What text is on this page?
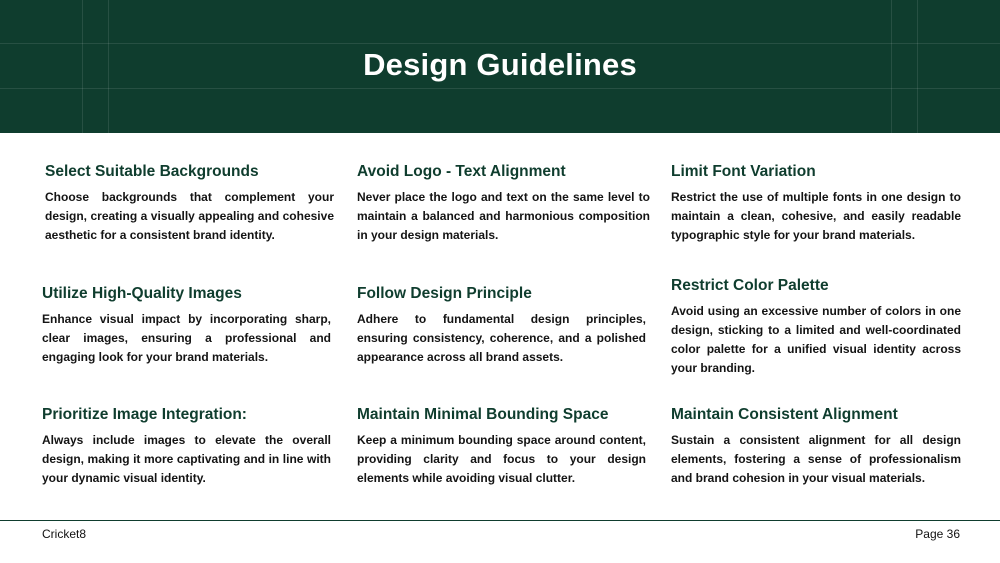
Design Guidelines
Select Suitable Backgrounds

Choose backgrounds that complement your design, creating a visually appealing and cohesive aesthetic for a consistent brand identity.

Avoid Logo - Text Alignment

Never place the logo and text on the same level to maintain a balanced and harmonious composition in your design materials.

Limit Font Variation

Restrict the use of multiple fonts in one design to maintain a clean, cohesive, and easily readable typographic style for your brand materials.

Utilize High-Quality Images

Enhance visual impact by incorporating sharp, clear images, ensuring a professional and engaging look for your brand materials.

Follow Design Principle

Adhere to fundamental design principles, ensuring consistency, coherence, and a polished appearance across all brand assets.

Restrict Color Palette

Avoid using an excessive number of colors in one design, sticking to a limited and well-coordinated color palette for a unified visual identity across your branding.

Prioritize Image Integration:

Always include images to elevate the overall design, making it more captivating and in line with your dynamic visual identity.

Maintain Minimal Bounding Space

Keep a minimum bounding space around content, providing clarity and focus to your design elements while avoiding visual clutter.

Maintain Consistent Alignment

Sustain a consistent alignment for all design elements, fostering a sense of professionalism and brand cohesion in your visual materials.

Cricket8	Page 36
